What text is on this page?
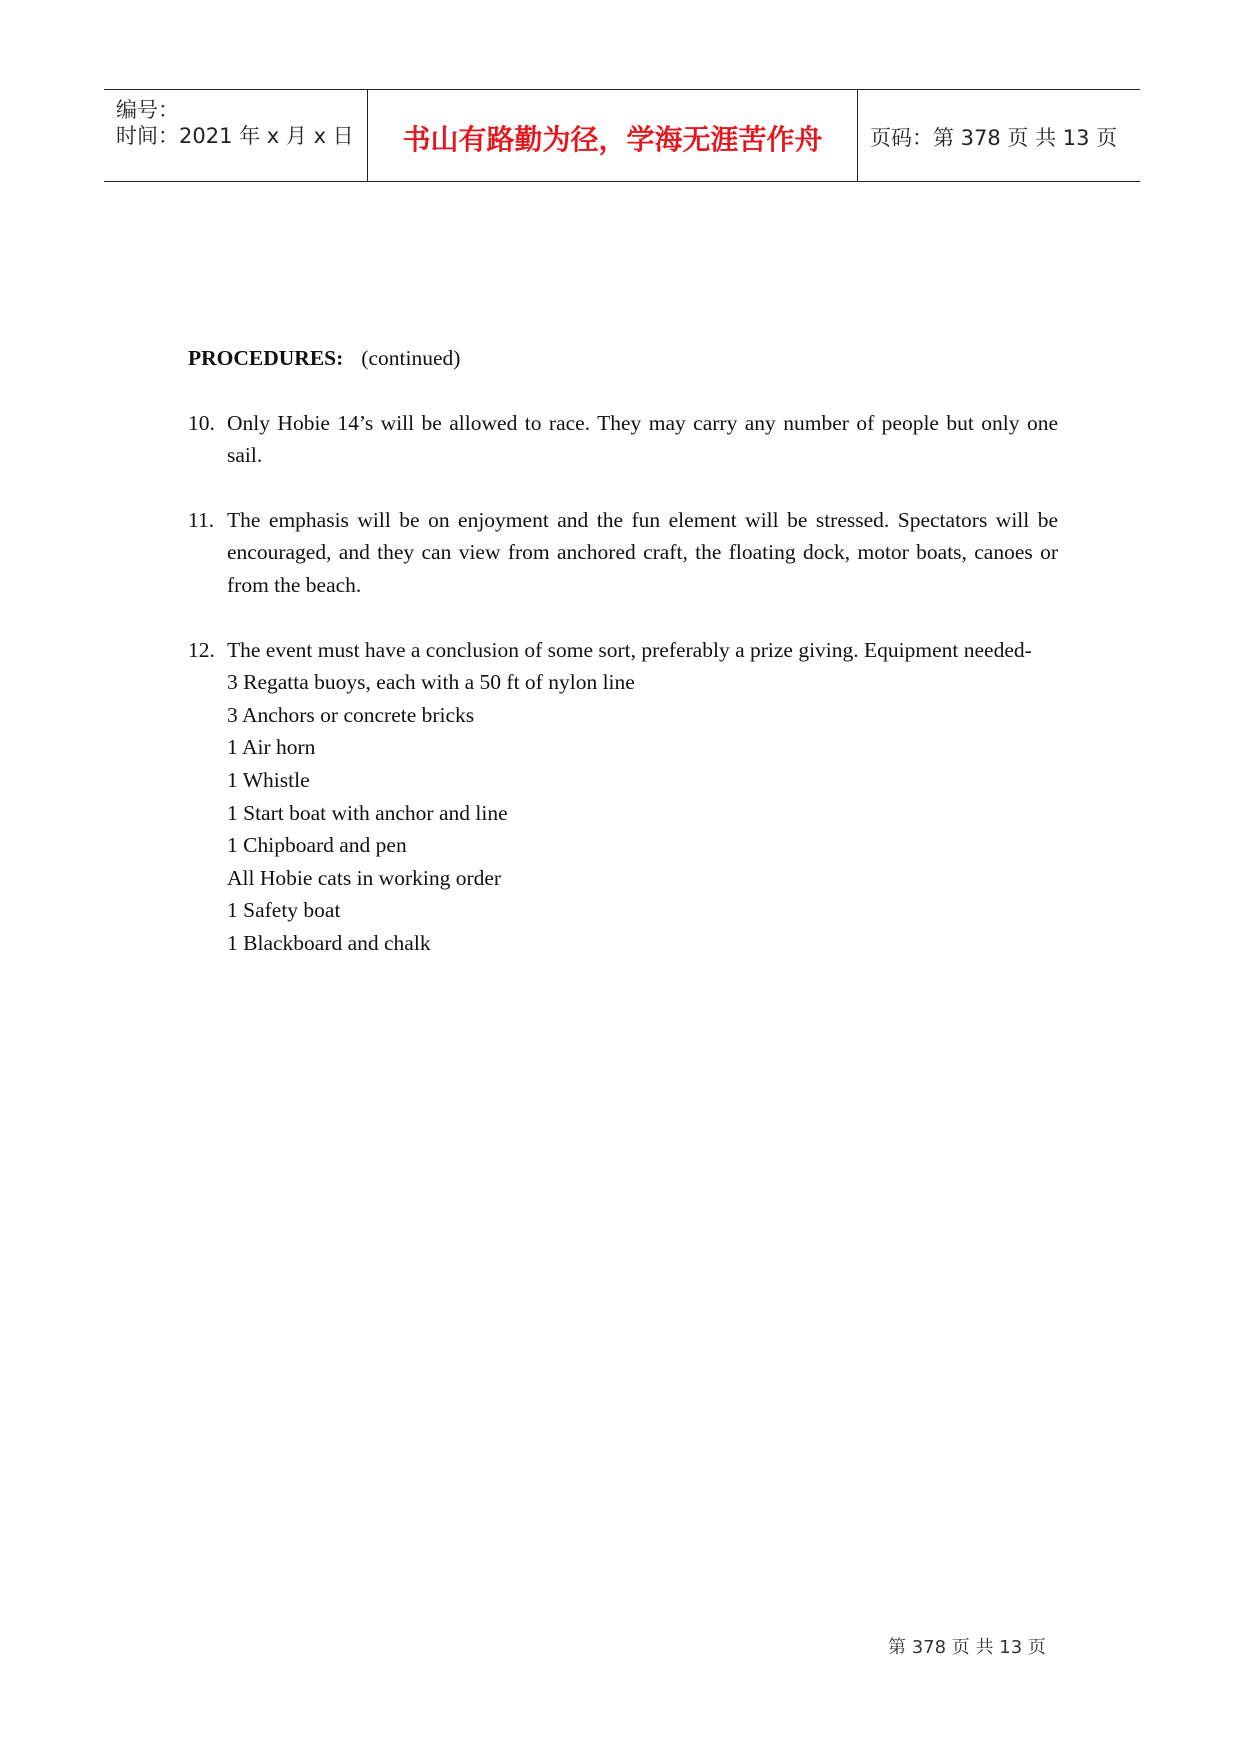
编号：
时间：2021 年 x 月 x 日	书山有路勤为径，学海无涯苦作舟	页码：第 378 页 共 13 页
PROCEDURES: (continued)
10. Only Hobie 14’s will be allowed to race. They may carry any number of people but only one sail.
11. The emphasis will be on enjoyment and the fun element will be stressed. Spectators will be encouraged, and they can view from anchored craft, the floating dock, motor boats, canoes or from the beach.
12. The event must have a conclusion of some sort, preferably a prize giving. Equipment needed-
3 Regatta buoys, each with a 50 ft of nylon line
3 Anchors or concrete bricks
1 Air horn
1 Whistle
1 Start boat with anchor and line
1 Chipboard and pen
All Hobie cats in working order
1 Safety boat
1 Blackboard and chalk
第 378 页 共 13 页
